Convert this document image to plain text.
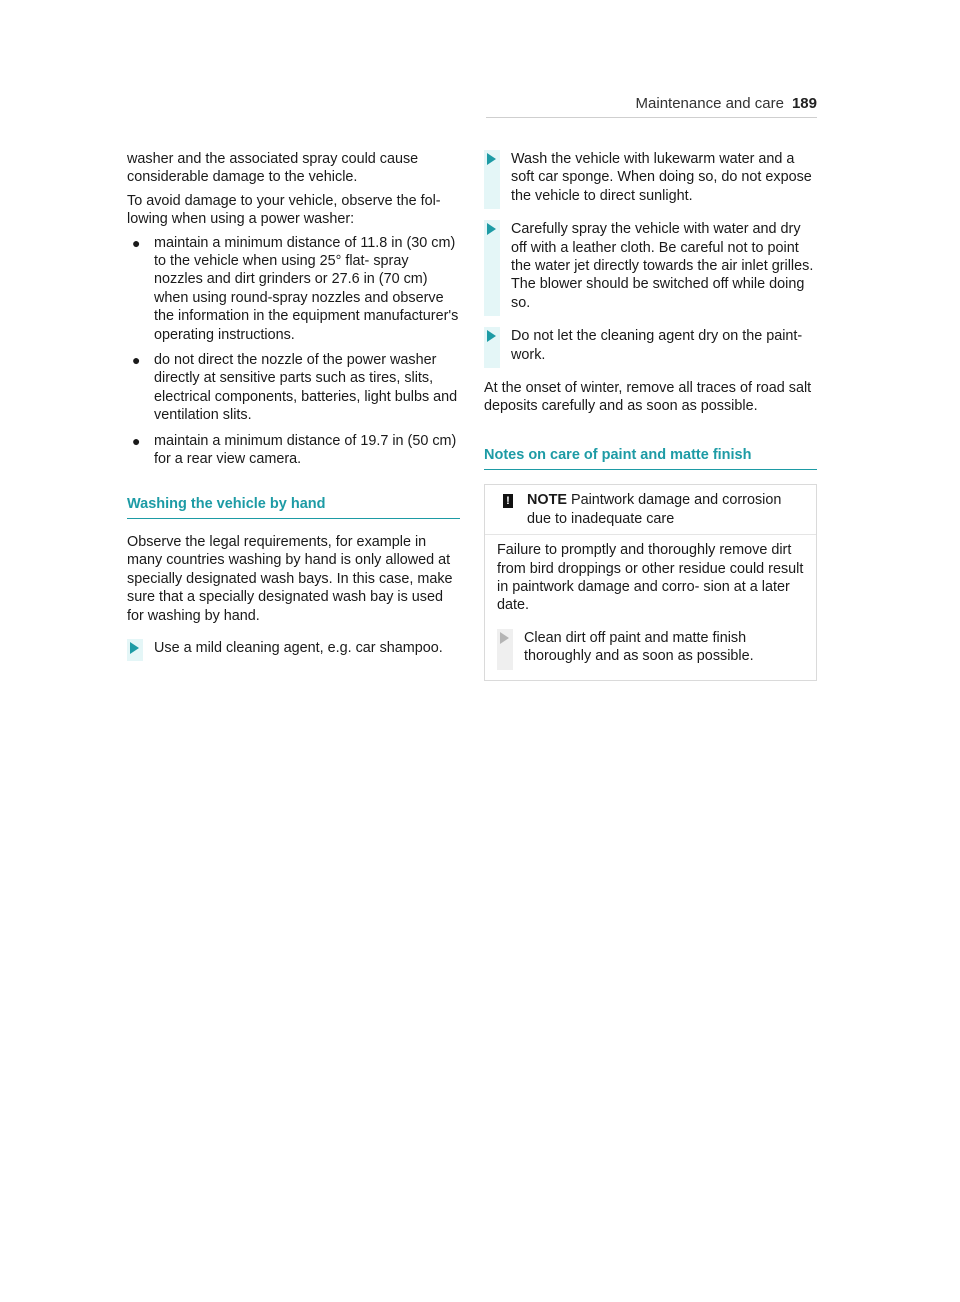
Maintenance and care 189

washer and the associated spray could cause considerable damage to the vehicle.

To avoid damage to your vehicle, observe the fol‐ lowing when using a power washer:

● maintain a minimum distance of 11.8 in (30 cm) to the vehicle when using 25° flat- spray nozzles and dirt grinders or 27.6 in (70 cm) when using round-spray nozzles and observe the information in the equipment manufacturer's operating instructions.
● do not direct the nozzle of the power washer directly at sensitive parts such as tires, slits, electrical components, batteries, light bulbs and ventilation slits.
● maintain a minimum distance of 19.7 in (50 cm) for a rear view camera.
Washing the vehicle by hand

Observe the legal requirements, for example in many countries washing by hand is only allowed at specially designated wash bays. In this case, make sure that a specially designated wash bay is used for washing by hand.

Use a mild cleaning agent, e.g. car shampoo.
Wash the vehicle with lukewarm water and a soft car sponge. When doing so, do not expose the vehicle to direct sunlight.
Carefully spray the vehicle with water and dry off with a leather cloth. Be careful not to point the water jet directly towards the air inlet grilles. The blower should be switched off while doing so.
Do not let the cleaning agent dry on the paint- work.

At the onset of winter, remove all traces of road salt deposits carefully and as soon as possible.

Notes on care of paint and matte finish
! NOTE Paintwork damage and corrosion due to inadequate care

Failure to promptly and thoroughly remove dirt from bird droppings or other residue could result in paintwork damage and corro‐ sion at a later date.

Clean dirt off paint and matte finish thoroughly and as soon as possible.
